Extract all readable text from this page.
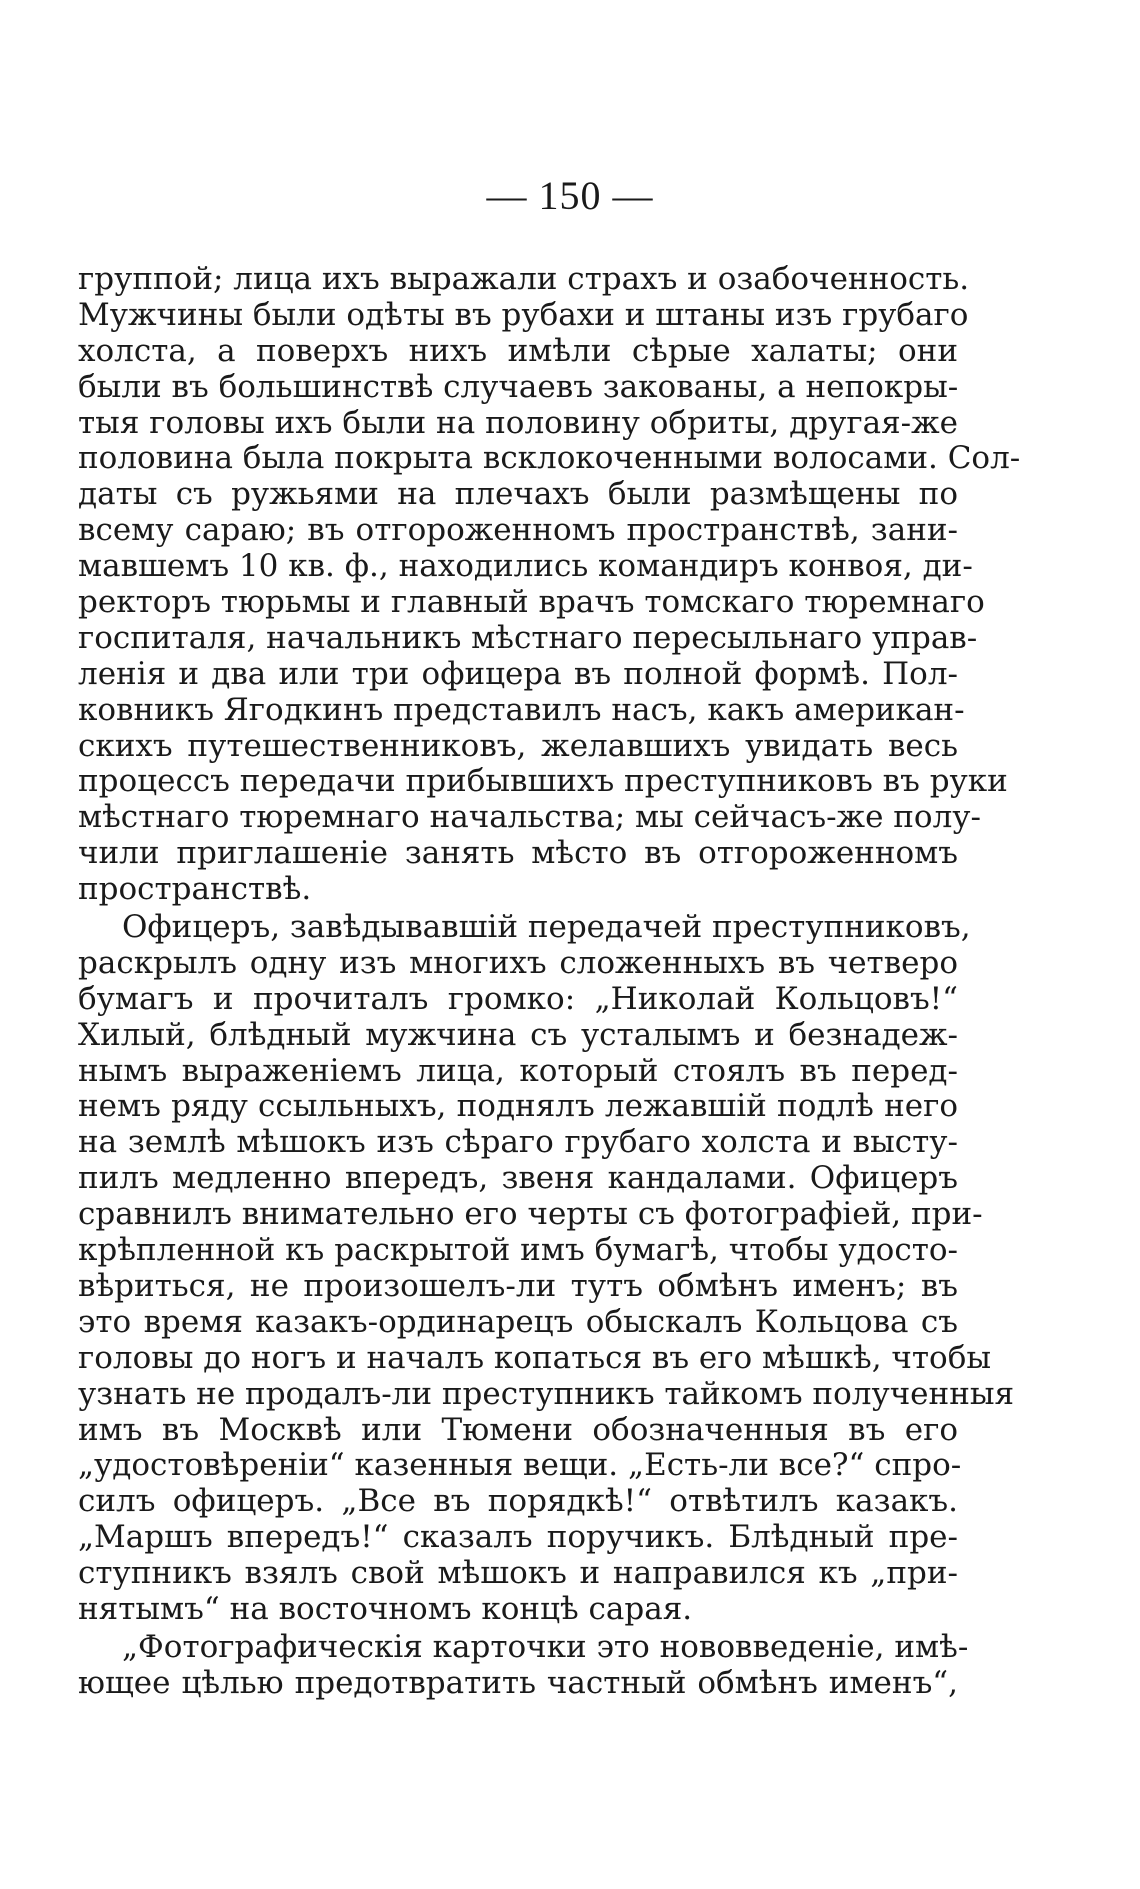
— 150 —
группой; лица ихъ выражали страхъ и озабоченность.
Мужчины были одѣты въ рубахи и штаны изъ грубаго
холста, а поверхъ нихъ имѣли сѣрые халаты; они
были въ большинствѣ случаевъ закованы, а непокры-
тыя головы ихъ были на половину обриты, другая-же
половина была покрыта всклокоченными волосами. Сол-
даты съ ружьями на плечахъ были размѣщены по
всему сараю; въ отгороженномъ пространствѣ, зани-
мавшемъ 10 кв. ф., находились командиръ конвоя, ди-
ректоръ тюрьмы и главный врачъ томскаго тюремнаго
госпиталя, начальникъ мѣстнаго пересыльнаго управ-
ленія и два или три офицера въ полной формѣ. Пол-
ковникъ Ягодкинъ представилъ насъ, какъ американ-
скихъ путешественниковъ, желавшихъ увидать весь
процессъ передачи прибывшихъ преступниковъ въ руки
мѣстнаго тюремнаго начальства; мы сейчасъ-же полу-
чили приглашеніе занять мѣсто въ отгороженномъ
пространствѣ.
Офицеръ, завѣдывавшій передачей преступниковъ,
раскрылъ одну изъ многихъ сложенныхъ въ четверо
бумагъ и прочиталъ громко: „Николай Кольцовъ!“
Хилый, блѣдный мужчина съ усталымъ и безнадеж-
нымъ выраженіемъ лица, который стоялъ въ перед-
немъ ряду ссыльныхъ, поднялъ лежавшій подлѣ него
на землѣ мѣшокъ изъ сѣраго грубаго холста и высту-
пилъ медленно впередъ, звеня кандалами. Офицеръ
сравнилъ внимательно его черты съ фотографіей, при-
крѣпленной къ раскрытой имъ бумагѣ, чтобы удосто-
вѣриться, не произошелъ-ли тутъ обмѣнъ именъ; въ
это время казакъ-ординарецъ обыскалъ Кольцова съ
головы до ногъ и началъ копаться въ его мѣшкѣ, чтобы
узнать не продалъ-ли преступникъ тайкомъ полученныя
имъ въ Москвѣ или Тюмени обозначенныя въ его
„удостовѣреніи“ казенныя вещи. „Есть-ли все?“ спро-
силъ офицеръ. „Все въ порядкѣ!“ отвѣтилъ казакъ.
„Маршъ впередъ!“ сказалъ поручикъ. Блѣдный пре-
ступникъ взялъ свой мѣшокъ и направился къ „при-
нятымъ“ на восточномъ концѣ сарая.
„Фотографическія карточки это нововведеніе, имѣ-
ющее цѣлью предотвратить частный обмѣнъ именъ“,
